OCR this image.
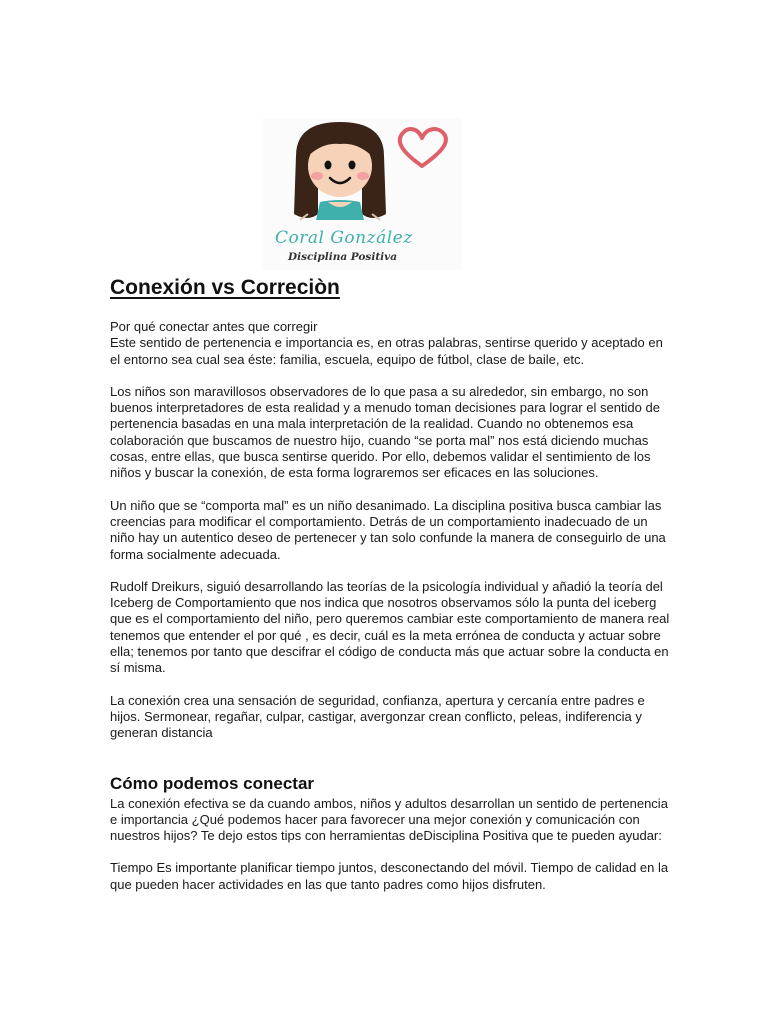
Coral González
Disciplina Positiva
Conexión vs Correciòn

Por qué conectar antes que corregir

Este sentido de pertenencia e importancia es, en otras palabras, sentirse querido y aceptado en el entorno sea cual sea éste: familia, escuela, equipo de fútbol, clase de baile, etc.

Los niños son maravillosos observadores de lo que pasa a su alrededor, sin embargo, no son buenos interpretadores de esta realidad y a menudo toman decisiones para lograr el sentido de pertenencia basadas en una mala interpretación de la realidad. Cuando no obtenemos esa colaboración que buscamos de nuestro hijo, cuando “se porta mal” nos está diciendo muchas cosas, entre ellas, que busca sentirse querido. Por ello, debemos validar el sentimiento de los niños y buscar la conexión, de esta forma lograremos ser eficaces en las soluciones.

Un niño que se “comporta mal” es un niño desanimado. La disciplina positiva busca cambiar las creencias para modificar el comportamiento. Detrás de un comportamiento inadecuado de un niño hay un autentico deseo de pertenecer y tan solo confunde la manera de conseguirlo de una forma socialmente adecuada.

Rudolf Dreikurs, siguió desarrollando las teorías de la psicología individual y añadió la teoría del Iceberg de Comportamiento que nos indica que nosotros observamos sólo la punta del iceberg que es el comportamiento del niño, pero queremos cambiar este comportamiento de manera real tenemos que entender el por qué , es decir, cuál es la meta errónea de conducta y actuar sobre ella; tenemos por tanto que descifrar el código de conducta más que actuar sobre la conducta en sí misma.

La conexión crea una sensación de seguridad, confianza, apertura y cercanía entre padres e hijos. Sermonear, regañar, culpar, castigar, avergonzar crean conflicto, peleas, indiferencia y generan distancia

Cómo podemos conectar

La conexión efectiva se da cuando ambos, niños y adultos desarrollan un sentido de pertenencia e importancia ¿Qué podemos hacer para favorecer una mejor conexión y comunicación con nuestros hijos? Te dejo estos tips con herramientas deDisciplina Positiva que te pueden ayudar:

Tiempo Es importante planificar tiempo juntos, desconectando del móvil. Tiempo de calidad en la que pueden hacer actividades en las que tanto padres como hijos disfruten.
